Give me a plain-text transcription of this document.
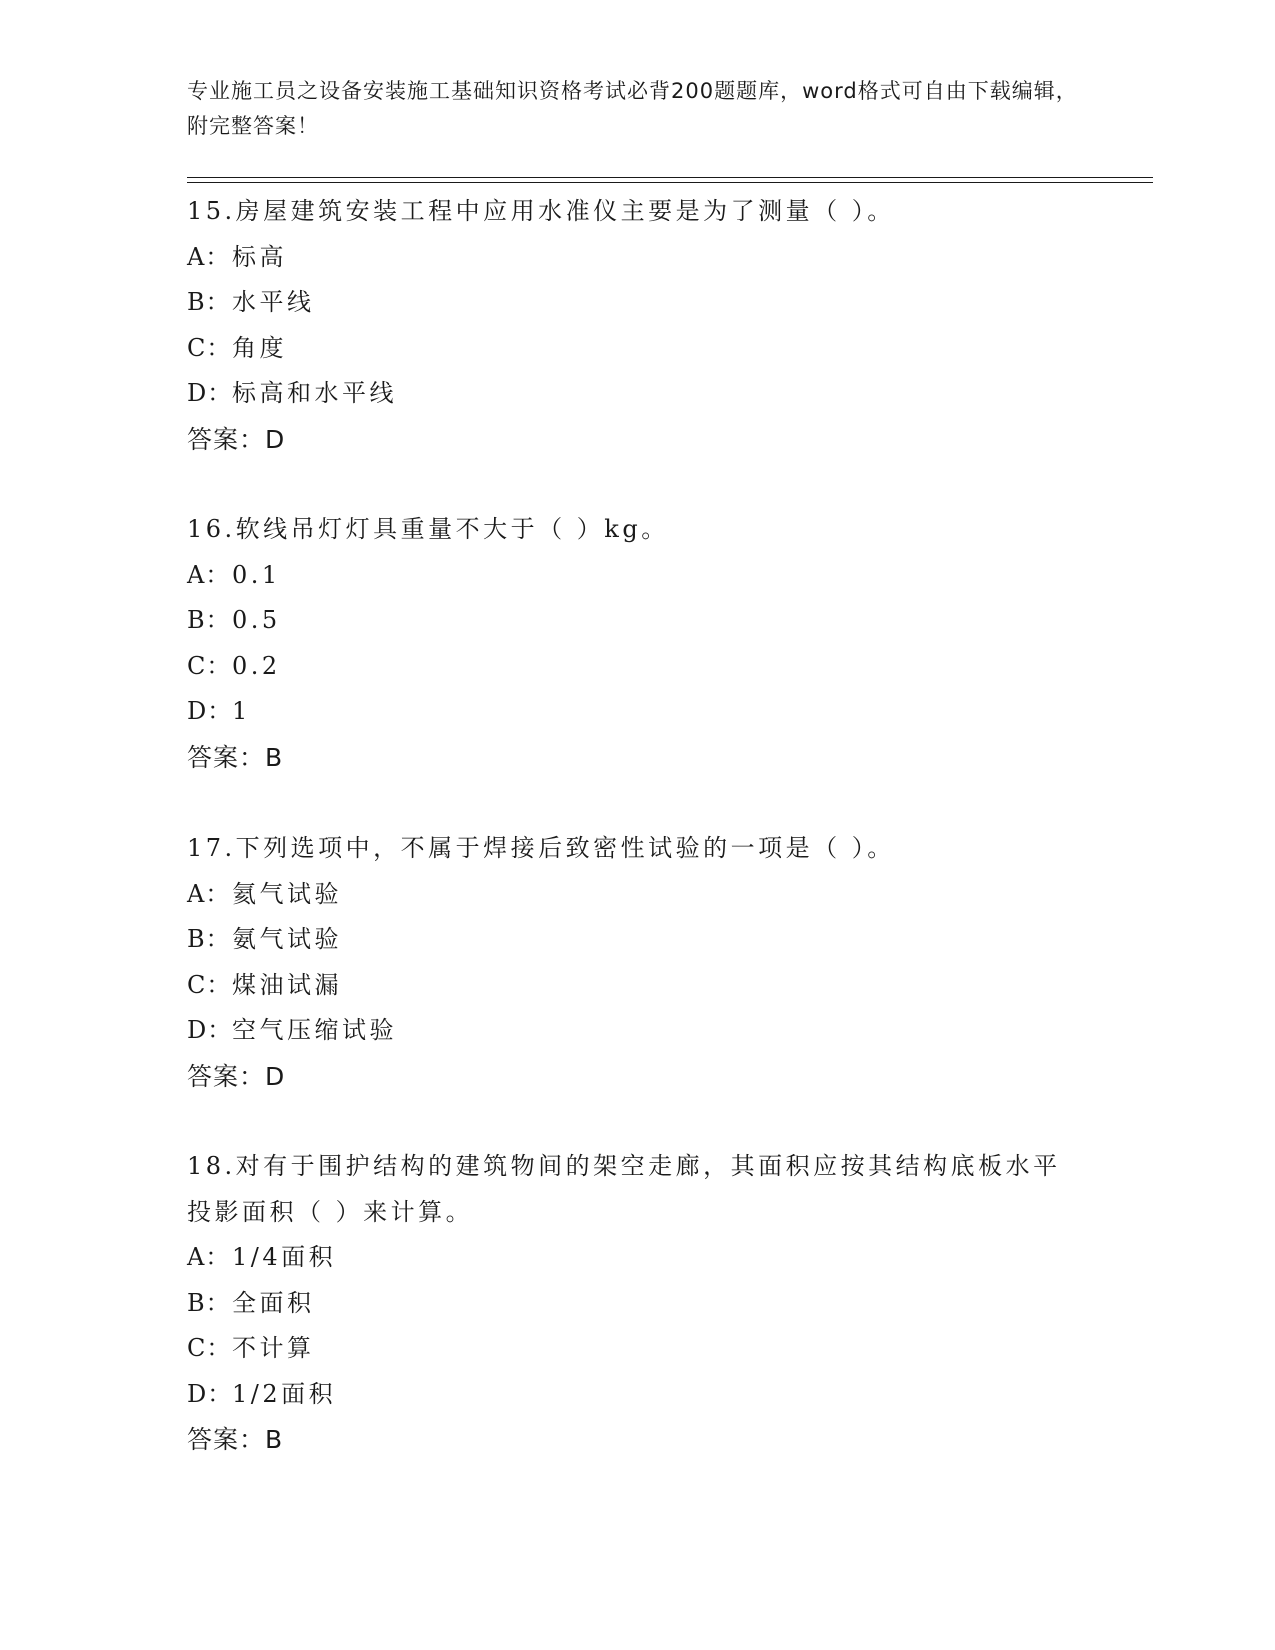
专业施工员之设备安装施工基础知识资格考试必背200题题库，word格式可自由下载编辑，附完整答案！
15.房屋建筑安装工程中应用水准仪主要是为了测量（ ）。
A：标高
B：水平线
C：角度
D：标高和水平线
答案：D
16.软线吊灯灯具重量不大于（ ）kg。
A：0.1
B：0.5
C：0.2
D：1
答案：B
17.下列选项中，不属于焊接后致密性试验的一项是（ ）。
A：氦气试验
B：氨气试验
C：煤油试漏
D：空气压缩试验
答案：D
18.对有于围护结构的建筑物间的架空走廊，其面积应按其结构底板水平投影面积（ ）来计算。
A：1/4面积
B：全面积
C：不计算
D：1/2面积
答案：B
